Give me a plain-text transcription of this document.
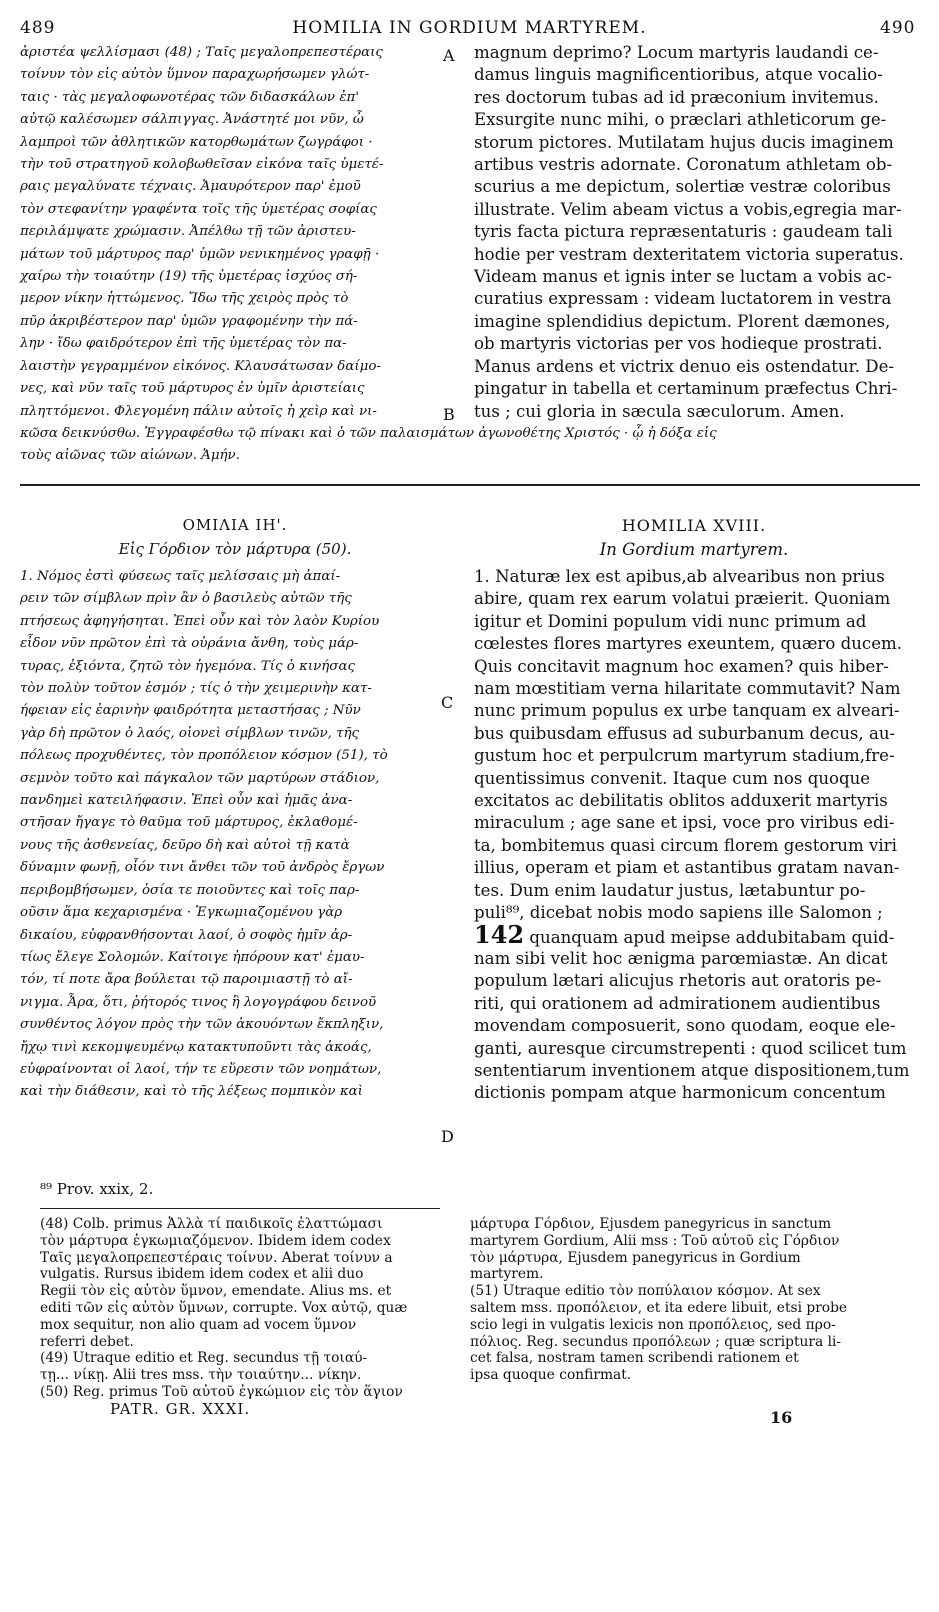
489	HOMILIA IN GORDIUM MARTYREM.	490
ἀριστέα ψελλίσμασι (48) ; Ταῖς μεγαλοπρεπεστέραις
τοίνυν τὸν εἰς αὐτὸν ὕμνον παραχωρήσωμεν γλώτ-
ταις · τὰς μεγαλοφωνοτέρας τῶν διδασκάλων ἐπ'
αὐτῷ καλέσωμεν σάλπιγγας. Ἀνάστητέ μοι νῦν, ὦ
λαμπροὶ τῶν ἀθλητικῶν κατορθωμάτων ζωγράφοι ·
τὴν τοῦ στρατηγοῦ κολοβωθεῖσαν εἰκόνα ταῖς ὑμετέ-
ραις μεγαλύνατε τέχναις. Ἀμαυρότερον παρ' ἐμοῦ
τὸν στεφανίτην γραφέντα τοῖς τῆς ὑμετέρας σοφίας
περιλάμψατε χρώμασιν. Ἀπέλθω τῇ τῶν ἀριστευ-
μάτων τοῦ μάρτυρος παρ' ὑμῶν νενικημένος γραφῇ ·
χαίρω τὴν τοιαύτην (19) τῆς ὑμετέρας ἰσχύος σή-
μερον νίκην ἡττώμενος. Ἴδω τῆς χειρὸς πρὸς τὸ
πῦρ ἀκριβέστερον παρ' ὑμῶν γραφομένην τὴν πά-
λην · ἴδω φαιδρότερον ἐπὶ τῆς ὑμετέρας τὸν πα-
λαιστὴν γεγραμμένον εἰκόνος. Κλαυσάτωσαν δαίμο-
νες, καὶ νῦν ταῖς τοῦ μάρτυρος ἐν ὑμῖν ἀριστείαις
πληττόμενοι. Φλεγομένη πάλιν αὐτοῖς ἡ χεὶρ καὶ νι-
magnum deprimo? Locum martyris laudandi ce-
damus linguis magnificentioribus, atque vocalio-
res doctorum tubas ad id præconium invitemus.
Exsurgite nunc mihi, o præclari athleticorum ge-
storum pictores. Mutilatam hujus ducis imaginem
artibus vestris adornate. Coronatum athletam ob-
scurius a me depictum, solertiæ vestræ coloribus
illustrate. Velim abeam victus a vobis,egregia mar-
tyris facta pictura repræsentaturis : gaudeam tali
hodie per vestram dexteritatem victoria superatus.
Videam manus et ignis inter se luctam a vobis ac-
curatius expressam : videam luctatorem in vestra
imagine splendidius depictum. Plorent dæmones,
ob martyris victorias per vos hodieque prostrati.
Manus ardens et victrix denuo eis ostendatur. De-
pingatur in tabella et certaminum præfectus Chri-
tus ; cui gloria in sæcula sæculorum. Amen.
κῶσα δεικνύσθω. Ἐγγραφέσθω τῷ πίνακι καὶ ὁ τῶν παλαισμάτων ἀγωνοθέτης Χριστός · ᾧ ἡ δόξα εἰς
τοὺς αἰῶνας τῶν αἰώνων. Ἀμήν.
A
B
C
D
ΟΜΙΛΙΑ ΙΗ'.
Εἰς Γόρδιον τὸν μάρτυρα (50).
1. Νόμος ἐστὶ φύσεως ταῖς μελίσσαις μὴ ἀπαί-
ρειν τῶν σίμβλων πρὶν ἂν ὁ βασιλεὺς αὐτῶν τῆς
πτήσεως ἀφηγήσηται. Ἐπεὶ οὖν καὶ τὸν λαὸν Κυρίου
εἶδον νῦν πρῶτον ἐπὶ τὰ οὐράνια ἄνθη, τοὺς μάρ-
τυρας, ἐξιόντα, ζητῶ τὸν ἡγεμόνα. Τίς ὁ κινήσας
τὸν πολὺν τοῦτον ἑσμόν ; τίς ὁ τὴν χειμερινὴν κατ-
ήφειαν εἰς ἐαρινὴν φαιδρότητα μεταστήσας ; Νῦν
γὰρ δὴ πρῶτον ὁ λαός, οἱονεὶ σίμβλων τινῶν, τῆς
πόλεως προχυθέντες, τὸν προπόλειον κόσμον (51), τὸ
σεμνὸν τοῦτο καὶ πάγκαλον τῶν μαρτύρων στάδιον,
πανδημεὶ κατειλήφασιν. Ἐπεὶ οὖν καὶ ἡμᾶς ἀνα-
στῆσαν ἤγαγε τὸ θαῦμα τοῦ μάρτυρος, ἐκλαθομέ-
νους τῆς ἀσθενείας, δεῦρο δὴ καὶ αὐτοὶ τῇ κατὰ
δύναμιν φωνῇ, οἷόν τινι ἄνθει τῶν τοῦ ἀνδρὸς ἔργων
περιβομβήσωμεν, ὁσία τε ποιοῦντες καὶ τοῖς παρ-
οῦσιν ἅμα κεχαρισμένα · Ἐγκωμιαζομένου γὰρ
δικαίου, εὐφρανθήσονται λαοί, ὁ σοφὸς ἡμῖν ἀρ-
τίως ἔλεγε Σολομών. Καίτοιγε ἠπόρουν κατ' ἐμαυ-
τόν, τί ποτε ἄρα βούλεται τῷ παροιμιαστῇ τὸ αἴ-
νιγμα. Ἆρα, ὅτι, ῥήτορός τινος ἢ λογογράφου δεινοῦ
συνθέντος λόγον πρὸς τὴν τῶν ἀκουόντων ἔκπληξιν,
ἤχῳ τινὶ κεκομψευμένῳ κατακτυποῦντι τὰς ἀκοάς,
εὐφραίνονται οἱ λαοί, τήν τε εὕρεσιν τῶν νοημάτων,
καὶ τὴν διάθεσιν, καὶ τὸ τῆς λέξεως πομπικὸν καὶ
HOMILIA XVIII.
In Gordium martyrem.
1. Naturæ lex est apibus,ab alvearibus non prius
abire, quam rex earum volatui præierit. Quoniam
igitur et Domini populum vidi nunc primum ad
cœlestes flores martyres exeuntem, quæro ducem.
Quis concitavit magnum hoc examen? quis hiber-
nam mœstitiam verna hilaritate commutavit? Nam
nunc primum populus ex urbe tanquam ex alveari-
bus quibusdam effusus ad suburbanum decus, au-
gustum hoc et perpulcrum martyrum stadium,fre-
quentissimus convenit. Itaque cum nos quoque
excitatos ac debilitatis oblitos adduxerit martyris
miraculum ; age sane et ipsi, voce pro viribus edi-
ta, bombitemus quasi circum florem gestorum viri
illius, operam et piam et astantibus gratam navan-
tes. Dum enim laudatur justus, lætabuntur po-
puli⁸⁹, dicebat nobis modo sapiens ille Salomon ;
142 quanquam apud meipse addubitabam quid-
nam sibi velit hoc ænigma parœmiastæ. An dicat
populum lætari alicujus rhetoris aut oratoris pe-
riti, qui orationem ad admirationem audientibus
movendam composuerit, sono quodam, eoque ele-
ganti, auresque circumstrepenti : quod scilicet tum
sententiarum inventionem atque dispositionem,tum
dictionis pompam atque harmonicum concentum
⁸⁹ Prov. xxix, 2.
(48) Colb. primus Ἀλλὰ τί παιδικοῖς ἐλαττώμασι
τὸν μάρτυρα ἐγκωμιαζόμενον. Ibidem idem codex
Ταῖς μεγαλοπρεπεστέραις τοίνυν. Aberat τοίνυν a
vulgatis. Rursus ibidem idem codex et alii duo
Regii τὸν εἰς αὐτὸν ὕμνον, emendate. Alius ms. et
editi τῶν εἰς αὐτὸν ὕμνων, corrupte. Vox αὐτῷ, quæ
mox sequitur, non alio quam ad vocem ὕμνον
referri debet.
(49) Utraque editio et Reg. secundus τῇ τοιαύ-
τῃ... νίκῃ. Alii tres mss. τὴν τοιαύτην... νίκην.
(50) Reg. primus Τοῦ αὐτοῦ ἐγκώμιον εἰς τὸν ἅγιον
μάρτυρα Γόρδιον, Ejusdem panegyricus in sanctum
martyrem Gordium, Alii mss : Τοῦ αὐτοῦ εἰς Γόρδιον
τὸν μάρτυρα, Ejusdem panegyricus in Gordium
martyrem.
(51) Utraque editio τὸν ποπύλαιον κόσμον. At sex
saltem mss. προπόλειον, et ita edere libuit, etsi probe
scio legi in vulgatis lexicis non προπόλειος, sed προ-
πόλιος. Reg. secundus προπόλεων ; quæ scriptura li-
cet falsa, nostram tamen scribendi rationem et
ipsa quoque confirmat.
PATR. GR. XXXI.	16
